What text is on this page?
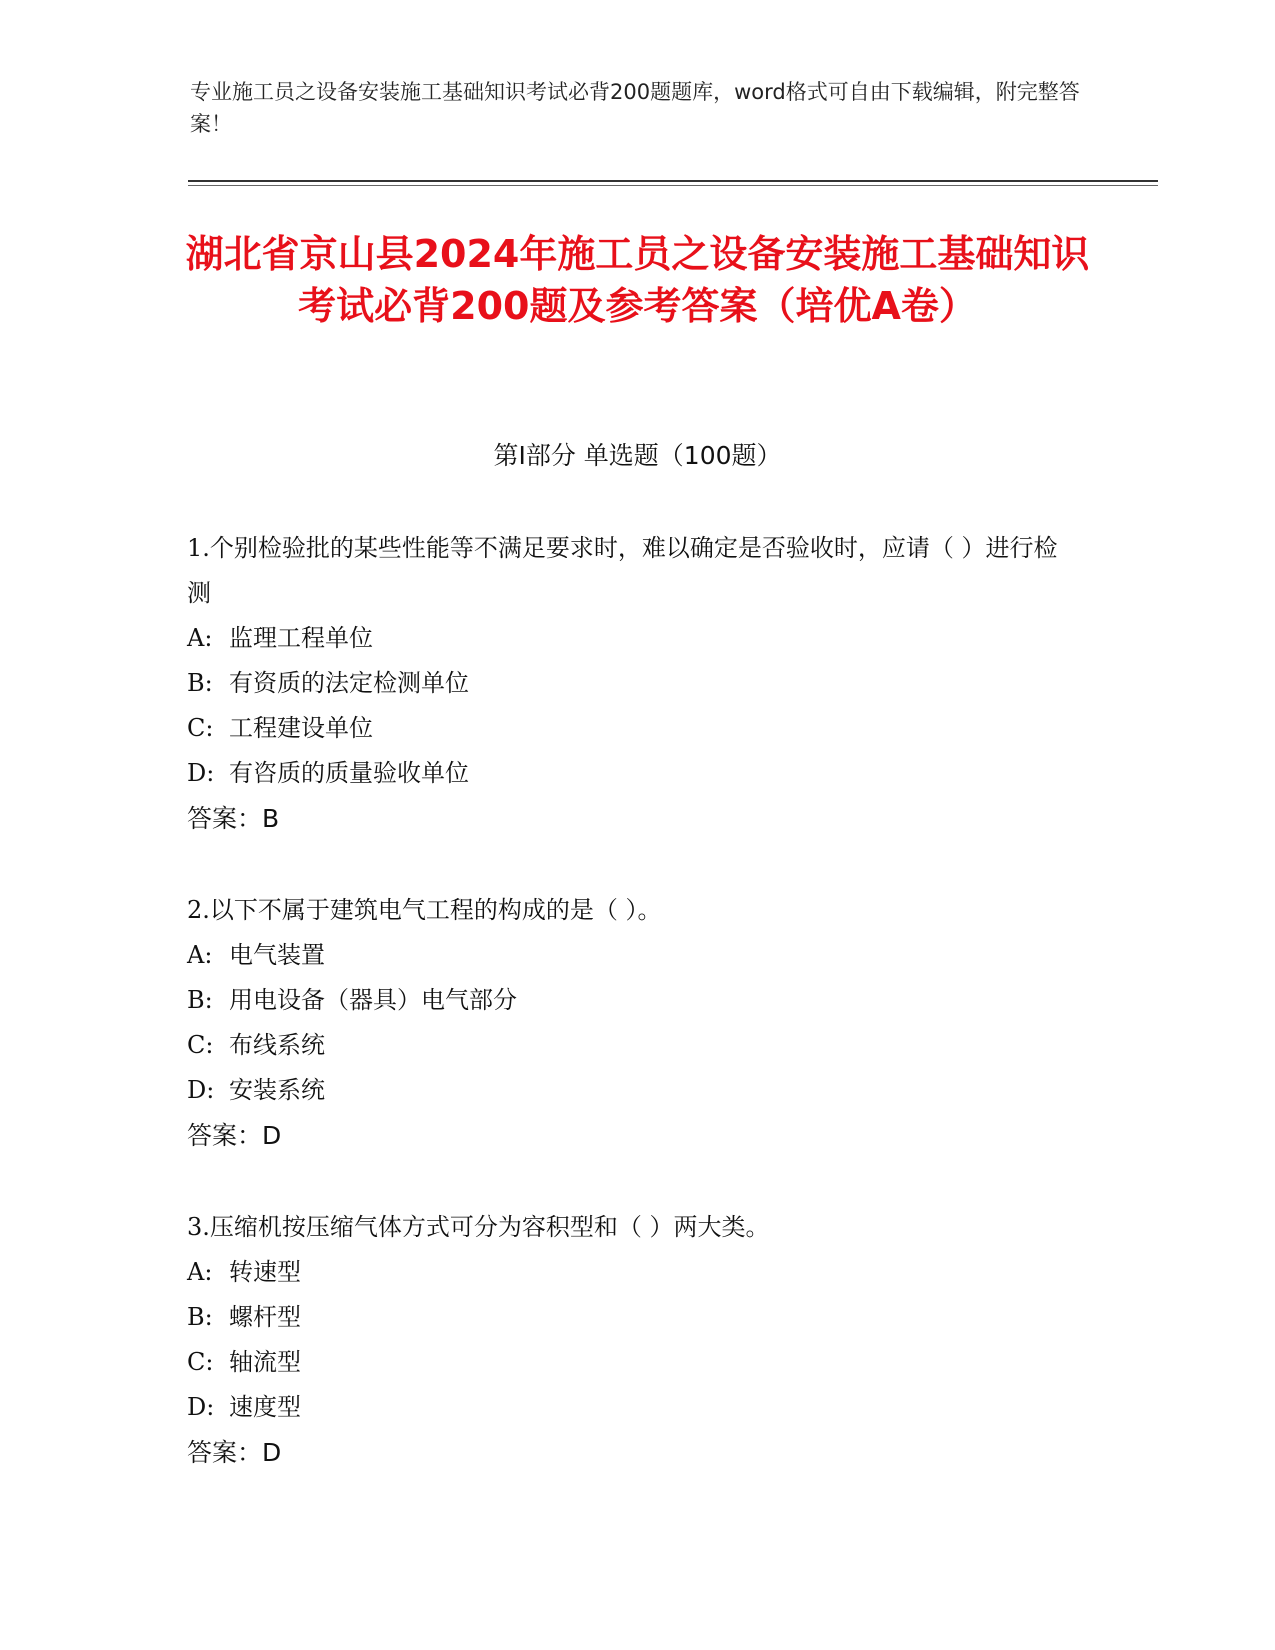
专业施工员之设备安装施工基础知识考试必背200题题库，word格式可自由下载编辑，附完整答案！
湖北省京山县2024年施工员之设备安装施工基础知识考试必背200题及参考答案（培优A卷）
第Ⅰ部分 单选题（100题）
1.个别检验批的某些性能等不满足要求时，难以确定是否验收时，应请（ ）进行检测
A: 监理工程单位
B: 有资质的法定检测单位
C: 工程建设单位
D: 有咨质的质量验收单位
答案：B
2.以下不属于建筑电气工程的构成的是（ ）。
A: 电气装置
B: 用电设备（器具）电气部分
C: 布线系统
D: 安装系统
答案：D
3.压缩机按压缩气体方式可分为容积型和（ ）两大类。
A: 转速型
B: 螺杆型
C: 轴流型
D: 速度型
答案：D
